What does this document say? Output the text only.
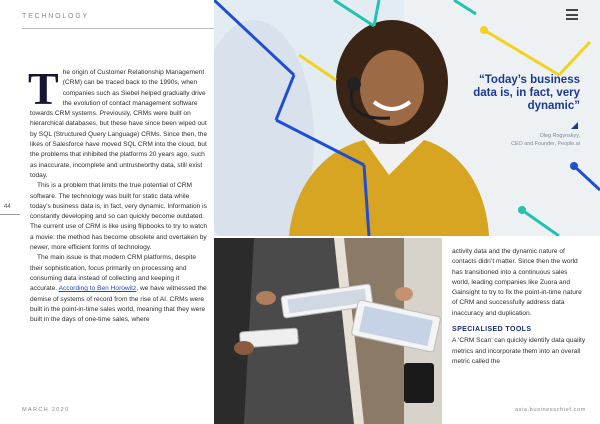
TECHNOLOGY

The origin of Customer Relationship Management (CRM) can be traced back to the 1990s, when companies such as Siebel helped gradually drive the evolution of contact management software towards CRM systems. Previously, CRMs were built on hierarchical databases, but these have since been wiped out by SQL (Structured Query Language) CRMs. Since then, the likes of Salesforce have moved SQL CRM into the cloud, but the problems that inhibited the platforms 20 years ago, such as inaccurate, incomplete and untrustworthy data, still exist today.

This is a problem that limits the true potential of CRM software. The technology was built for static data while today’s business data is, in fact, very dynamic. Information is constantly developing and so can quickly become outdated. The current use of CRM is like using flipbooks to try to watch a movie: the method has become obsolete and overtaken by newer, more efficient forms of technology.

The main issue is that modern CRM platforms, despite their sophistication, focus primarily on processing and consuming data instead of collecting and keeping it accurate. According to Ben Horowitz, we have witnessed the demise of systems of record from the rise of AI. CRMs were built in the point-in-time sales world, meaning that they were built in the days of one-time sales, where

44
MARCH 2020	asia.businesschief.com
“Today’s business data is, in fact, very dynamic”
Oleg Rogynskyy,
CEO and Founder, People.ai

activity data and the dynamic nature of contacts didn’t matter. Since then the world has transitioned into a continuous sales world, leading companies like Zuora and Gainsight to try to fix the point-in-time nature of CRM and successfully address data inaccuracy and duplication.

SPECIALISED TOOLS

A ‘CRM Scan’ can quickly identify data quality metrics and incorporate them into an overall metric called the
